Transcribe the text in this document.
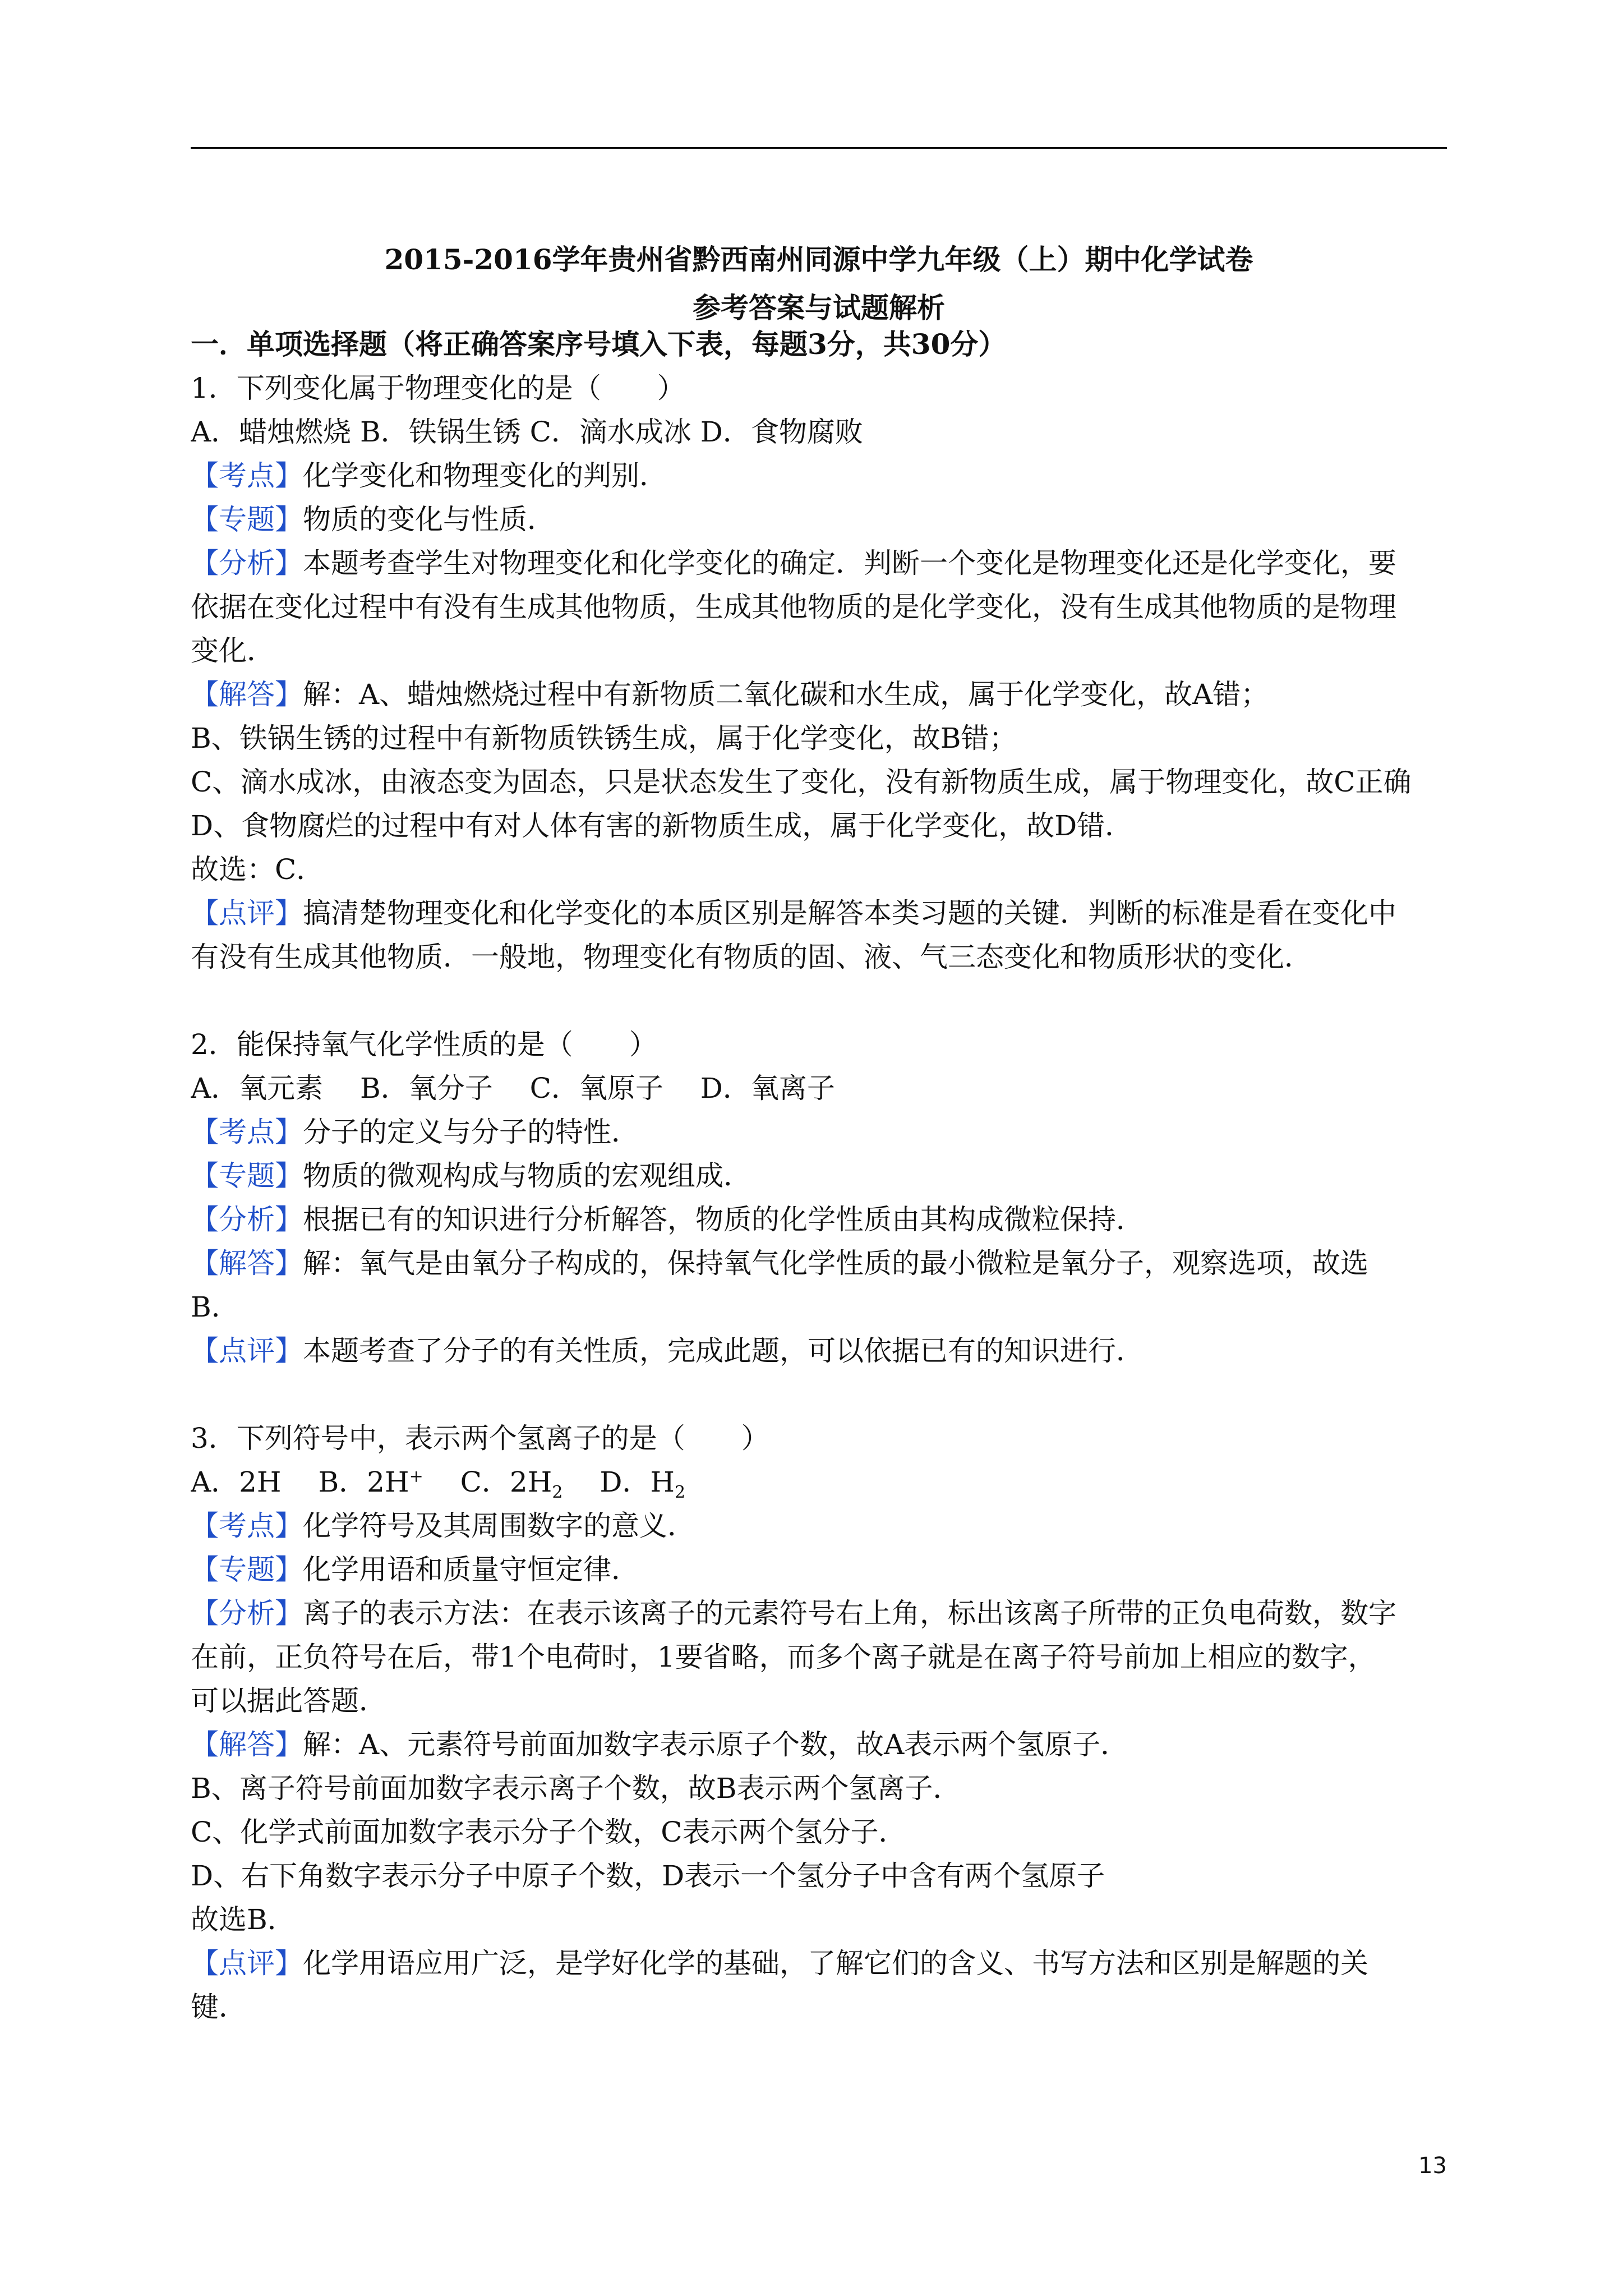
2015-2016学年贵州省黔西南州同源中学九年级（上）期中化学试卷
参考答案与试题解析
一．单项选择题（将正确答案序号填入下表，每题3分，共30分）
1．下列变化属于物理变化的是（　　）
A．蜡烛燃烧 B．铁锅生锈 C．滴水成冰 D．食物腐败
【考点】化学变化和物理变化的判别．
【专题】物质的变化与性质．
【分析】本题考查学生对物理变化和化学变化的确定．判断一个变化是物理变化还是化学变化，要
依据在变化过程中有没有生成其他物质，生成其他物质的是化学变化，没有生成其他物质的是物理
变化．
【解答】解：A、蜡烛燃烧过程中有新物质二氧化碳和水生成，属于化学变化，故A错；
B、铁锅生锈的过程中有新物质铁锈生成，属于化学变化，故B错；
C、滴水成冰，由液态变为固态，只是状态发生了变化，没有新物质生成，属于物理变化，故C正确
D、食物腐烂的过程中有对人体有害的新物质生成，属于化学变化，故D错．
故选：C．
【点评】搞清楚物理变化和化学变化的本质区别是解答本类习题的关键．判断的标准是看在变化中
有没有生成其他物质．一般地，物理变化有物质的固、液、气三态变化和物质形状的变化．
2．能保持氧气化学性质的是（　　）
A．氧元素　 B．氧分子　 C．氧原子　 D．氧离子
【考点】分子的定义与分子的特性．
【专题】物质的微观构成与物质的宏观组成．
【分析】根据已有的知识进行分析解答，物质的化学性质由其构成微粒保持．
【解答】解：氧气是由氧分子构成的，保持氧气化学性质的最小微粒是氧分子，观察选项，故选
B．
【点评】本题考查了分子的有关性质，完成此题，可以依据已有的知识进行．
3．下列符号中，表示两个氢离子的是（　　）
A．2H　 B．2H+　 C．$2H_2$　 D．$H_2$
【考点】化学符号及其周围数字的意义．
【专题】化学用语和质量守恒定律．
【分析】离子的表示方法：在表示该离子的元素符号右上角，标出该离子所带的正负电荷数，数字
在前，正负符号在后，带1个电荷时，1要省略，而多个离子就是在离子符号前加上相应的数字，
可以据此答题．
【解答】解：A、元素符号前面加数字表示原子个数，故A表示两个氢原子．
B、离子符号前面加数字表示离子个数，故B表示两个氢离子．
C、化学式前面加数字表示分子个数，C表示两个氢分子．
D、右下角数字表示分子中原子个数，D表示一个氢分子中含有两个氢原子
故选B．
【点评】化学用语应用广泛，是学好化学的基础，了解它们的含义、书写方法和区别是解题的关
键．
13
